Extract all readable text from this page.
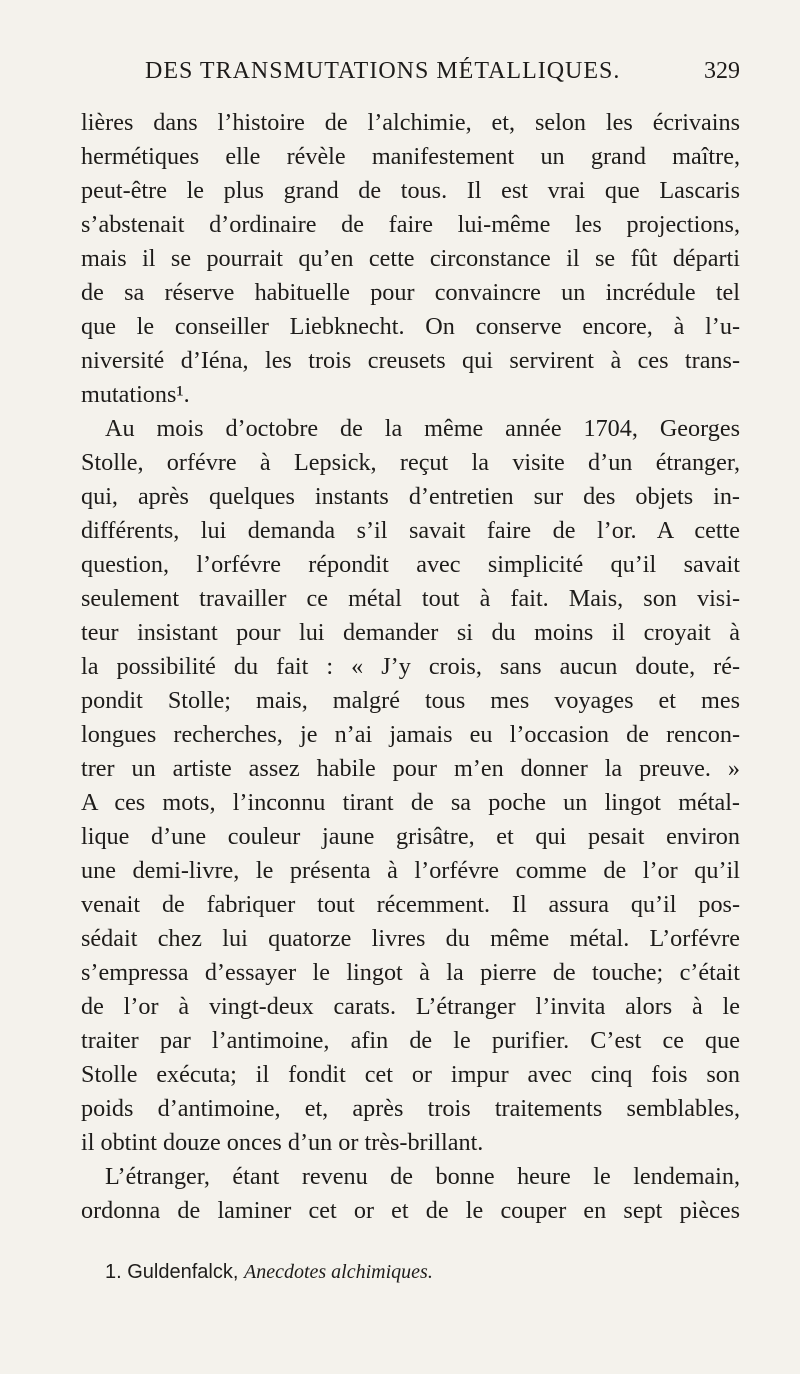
DES TRANSMUTATIONS MÉTALLIQUES.	329

lières dans l’histoire de l’alchimie, et, selon les écrivains

hermétiques elle révèle manifestement un grand maître,

peut-être le plus grand de tous. Il est vrai que Lascaris

s’abstenait d’ordinaire de faire lui-même les projections,

mais il se pourrait qu’en cette circonstance il se fût départi

de sa réserve habituelle pour convaincre un incrédule tel

que le conseiller Liebknecht. On conserve encore, à l’u-

niversité d’Iéna, les trois creusets qui servirent à ces trans-

mutations¹.

Au mois d’octobre de la même année 1704, Georges

Stolle, orfévre à Lepsick, reçut la visite d’un étranger,

qui, après quelques instants d’entretien sur des objets in-

différents, lui demanda s’il savait faire de l’or. A cette

question, l’orfévre répondit avec simplicité qu’il savait

seulement travailler ce métal tout à fait. Mais, son visi-

teur insistant pour lui demander si du moins il croyait à

la possibilité du fait : « J’y crois, sans aucun doute, ré-

pondit Stolle; mais, malgré tous mes voyages et mes

longues recherches, je n’ai jamais eu l’occasion de rencon-

trer un artiste assez habile pour m’en donner la preuve. »

A ces mots, l’inconnu tirant de sa poche un lingot métal-

lique d’une couleur jaune grisâtre, et qui pesait environ

une demi-livre, le présenta à l’orfévre comme de l’or qu’il

venait de fabriquer tout récemment. Il assura qu’il pos-

sédait chez lui quatorze livres du même métal. L’orfévre

s’empressa d’essayer le lingot à la pierre de touche; c’était

de l’or à vingt-deux carats. L’étranger l’invita alors à le

traiter par l’antimoine, afin de le purifier. C’est ce que

Stolle exécuta; il fondit cet or impur avec cinq fois son

poids d’antimoine, et, après trois traitements semblables,

il obtint douze onces d’un or très-brillant.

L’étranger, étant revenu de bonne heure le lendemain,

ordonna de laminer cet or et de le couper en sept pièces

1. Guldenfalck, Anecdotes alchimiques.
